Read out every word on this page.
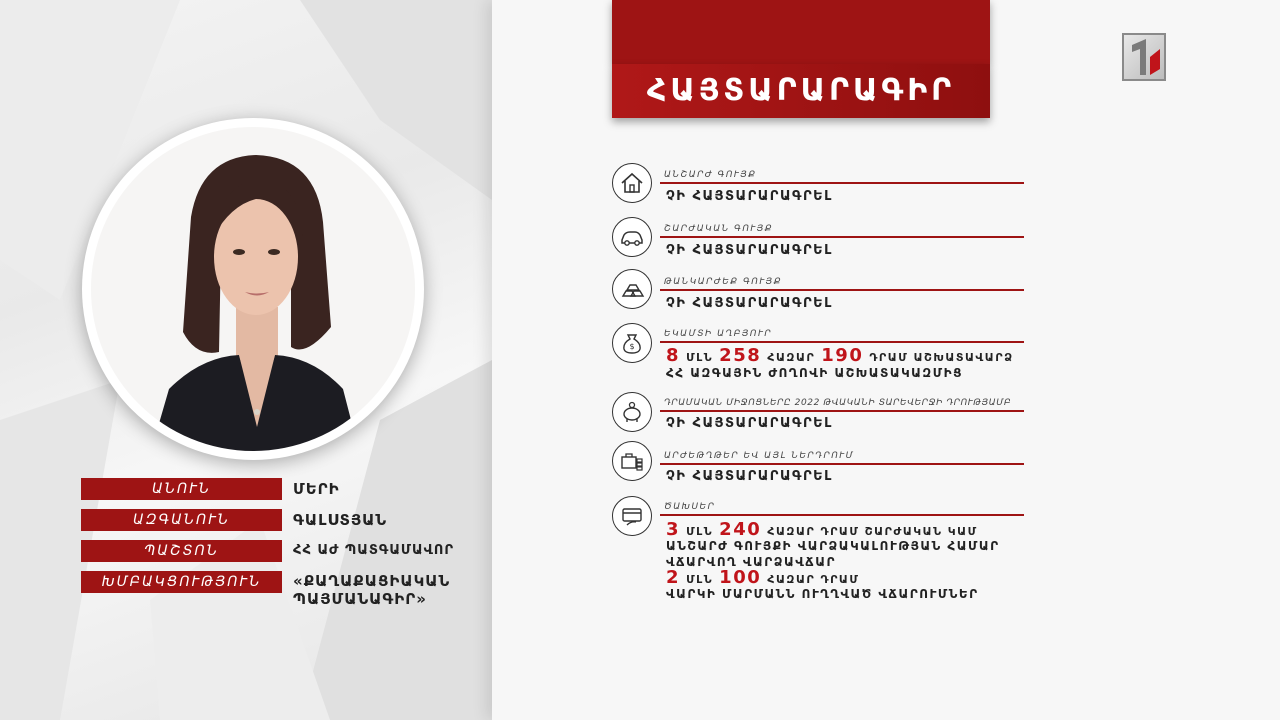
ՀԱՅՏԱՐԱՐԱԳԻՐ
ԱՆՈՒՆ	ՄԵՐԻ
ԱԶԳԱՆՈՒՆ	ԳԱԼՍՏՅԱՆ
ՊԱՇՏՈՆ	ՀՀ ԱԺ ՊԱՏԳԱՄԱՎՈՐ
ԽՄԲԱԿՑՈՒԹՅՈՒՆ	«ՔԱՂԱՔԱՑԻԱԿԱՆ
ՊԱՅՄԱՆԱԳԻՐ»
ԱՆՇԱՐԺ ԳՈՒՅՔ
ՉԻ ՀԱՅՏԱՐԱՐԱԳՐԵԼ
ՇԱՐԺԱԿԱՆ ԳՈՒՅՔ
ՉԻ ՀԱՅՏԱՐԱՐԱԳՐԵԼ
ԹԱՆԿԱՐԺԵՔ ԳՈՒՅՔ
ՉԻ ՀԱՅՏԱՐԱՐԱԳՐԵԼ
$
ԵԿԱՄՏԻ ԱՂԲՅՈՒՐ
8 ՄԼՆ 258 ՀԱԶԱՐ 190 ԴՐԱՄ ԱՇԽԱՏԱՎԱՐՁ
ՀՀ ԱԶԳԱՅԻՆ ԺՈՂՈՎԻ ԱՇԽԱՏԱԿԱԶՄԻՑ
ԴՐԱՄԱԿԱՆ ՄԻՋՈՑՆԵՐԸ 2022 ԹՎԱԿԱՆԻ ՏԱՐԵՎԵՐՋԻ ԴՐՈՒԹՅԱՄԲ
ՉԻ ՀԱՅՏԱՐԱՐԱԳՐԵԼ
ԱՐԺԵԹՂԹԵՐ ԵՎ ԱՅԼ ՆԵՐԴՐՈՒՄ
ՉԻ ՀԱՅՏԱՐԱՐԱԳՐԵԼ
ԾԱԽՍԵՐ
3 ՄԼՆ 240 ՀԱԶԱՐ ԴՐԱՄ ՇԱՐԺԱԿԱՆ ԿԱՄ
ԱՆՇԱՐԺ ԳՈՒՅՔԻ ՎԱՐՁԱԿԱԼՈՒԹՅԱՆ ՀԱՄԱՐ
ՎՃԱՐՎՈՂ ՎԱՐՁԱՎՃԱՐ
2 ՄԼՆ 100 ՀԱԶԱՐ ԴՐԱՄ
ՎԱՐԿԻ ՄԱՐՄԱՆՆ ՈՒՂՂՎԱԾ ՎՃԱՐՈՒՄՆԵՐ
